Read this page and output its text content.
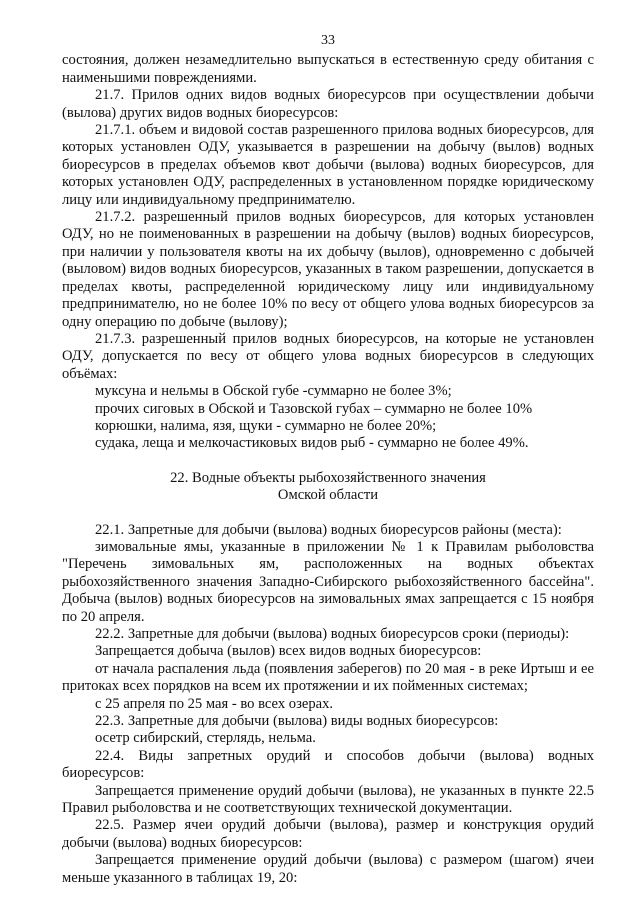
33

состояния, должен незамедлительно выпускаться в естественную среду обитания с наименьшими повреждениями.

21.7. Прилов одних видов водных биоресурсов при осуществлении добычи (вылова) других видов водных биоресурсов:

21.7.1. объем и видовой состав разрешенного прилова водных биоресурсов, для которых установлен ОДУ, указывается в разрешении на добычу (вылов) водных биоресурсов в пределах объемов квот добычи (вылова) водных биоресурсов, для которых установлен ОДУ, распределенных в установленном порядке юридическому лицу или индивидуальному предпринимателю.

21.7.2. разрешенный прилов водных биоресурсов, для которых установлен ОДУ, но не поименованных в разрешении на добычу (вылов) водных биоресурсов, при наличии у пользователя квоты на их добычу (вылов), одновременно с добычей (выловом) видов водных биоресурсов, указанных в таком разрешении, допускается в пределах квоты, распределенной юридическому лицу или индивидуальному предпринимателю, но не более 10% по весу от общего улова водных биоресурсов за одну операцию по добыче (вылову);

21.7.3. разрешенный прилов водных биоресурсов, на которые не установлен ОДУ, допускается по весу от общего улова водных биоресурсов в следующих объёмах:

муксуна и нельмы в Обской губе -суммарно не более 3%;

прочих сиговых в Обской и Тазовской губах – суммарно не более 10%

корюшки, налима, язя, щуки - суммарно не более 20%;

судака, леща и мелкочастиковых видов рыб - суммарно не более 49%.

22. Водные объекты рыбохозяйственного значения
Омской области

22.1. Запретные для добычи (вылова) водных биоресурсов районы (места):

зимовальные ямы, указанные в приложении № 1 к Правилам рыболовства "Перечень зимовальных ям, расположенных на водных объектах рыбохозяйственного значения Западно-Сибирского рыбохозяйственного бассейна". Добыча (вылов) водных биоресурсов на зимовальных ямах запрещается с 15 ноября по 20 апреля.

22.2. Запретные для добычи (вылова) водных биоресурсов сроки (периоды):

Запрещается добыча (вылов) всех видов водных биоресурсов:

от начала распаления льда (появления заберегов) по 20 мая - в реке Иртыш и ее притоках всех порядков на всем их протяжении и их пойменных системах;

с 25 апреля по 25 мая - во всех озерах.

22.3. Запретные для добычи (вылова) виды водных биоресурсов:

осетр сибирский, стерлядь, нельма.

22.4. Виды запретных орудий и способов добычи (вылова) водных биоресурсов:

Запрещается применение орудий добычи (вылова), не указанных в пункте 22.5 Правил рыболовства и не соответствующих технической документации.

22.5. Размер ячеи орудий добычи (вылова), размер и конструкция орудий добычи (вылова) водных биоресурсов:

Запрещается применение орудий добычи (вылова) с размером (шагом) ячеи меньше указанного в таблицах 19, 20:
